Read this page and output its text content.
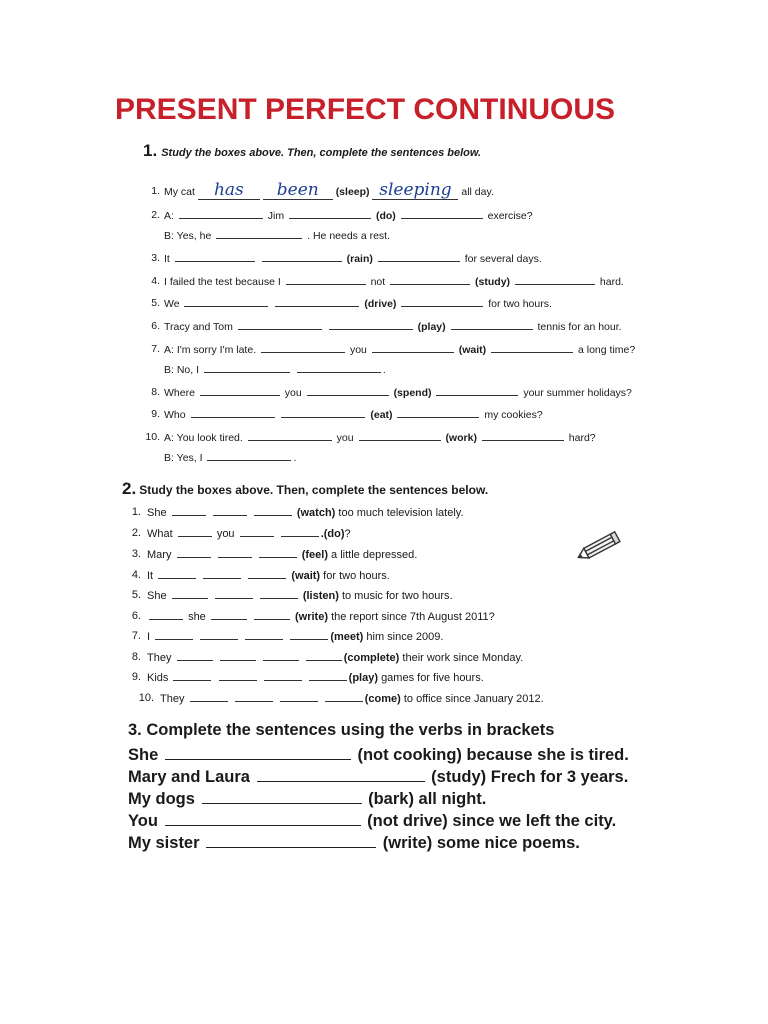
PRESENT PERFECT CONTINUOUS
1. Study the boxes above. Then, complete the sentences below.
1. My cat has been (sleep) sleeping all day.
2. A:	Jim	(do)	exercise?
B: Yes, he	. He needs a rest.
3. It	(rain)	for several days.
4. I failed the test because I	not	(study)	hard.
5. We	(drive)	for two hours.
6. Tracy and Tom	(play)	tennis for an hour.
7. A: I'm sorry I'm late.	you	(wait)	a long time?
B: No, I	.
8. Where	you	(spend)	your summer holidays?
9. Who	(eat)	my cookies?
10. A: You look tired.	you	(work)	hard?
B: Yes, I	.
2. Study the boxes above. Then, complete the sentences below.
1. She	(watch) too much television lately.
2. What	you	.(do)?
3. Mary	(feel) a little depressed.
4. It	(wait) for two hours.
5. She	(listen) to music for two hours.
6.	she	(write) the report since 7th August 2011?
7. I	(meet) him since 2009.
8. They	(complete) their work since Monday.
9. Kids	(play) games for five hours.
10. They	(come) to office since January 2012.
3. Complete the sentences using the verbs in brackets
She	(not cooking) because she is tired.
Mary and Laura	(study) Frech for 3 years.
My dogs	(bark) all night.
You	(not drive) since we left the city.
My sister	(write) some nice poems.
